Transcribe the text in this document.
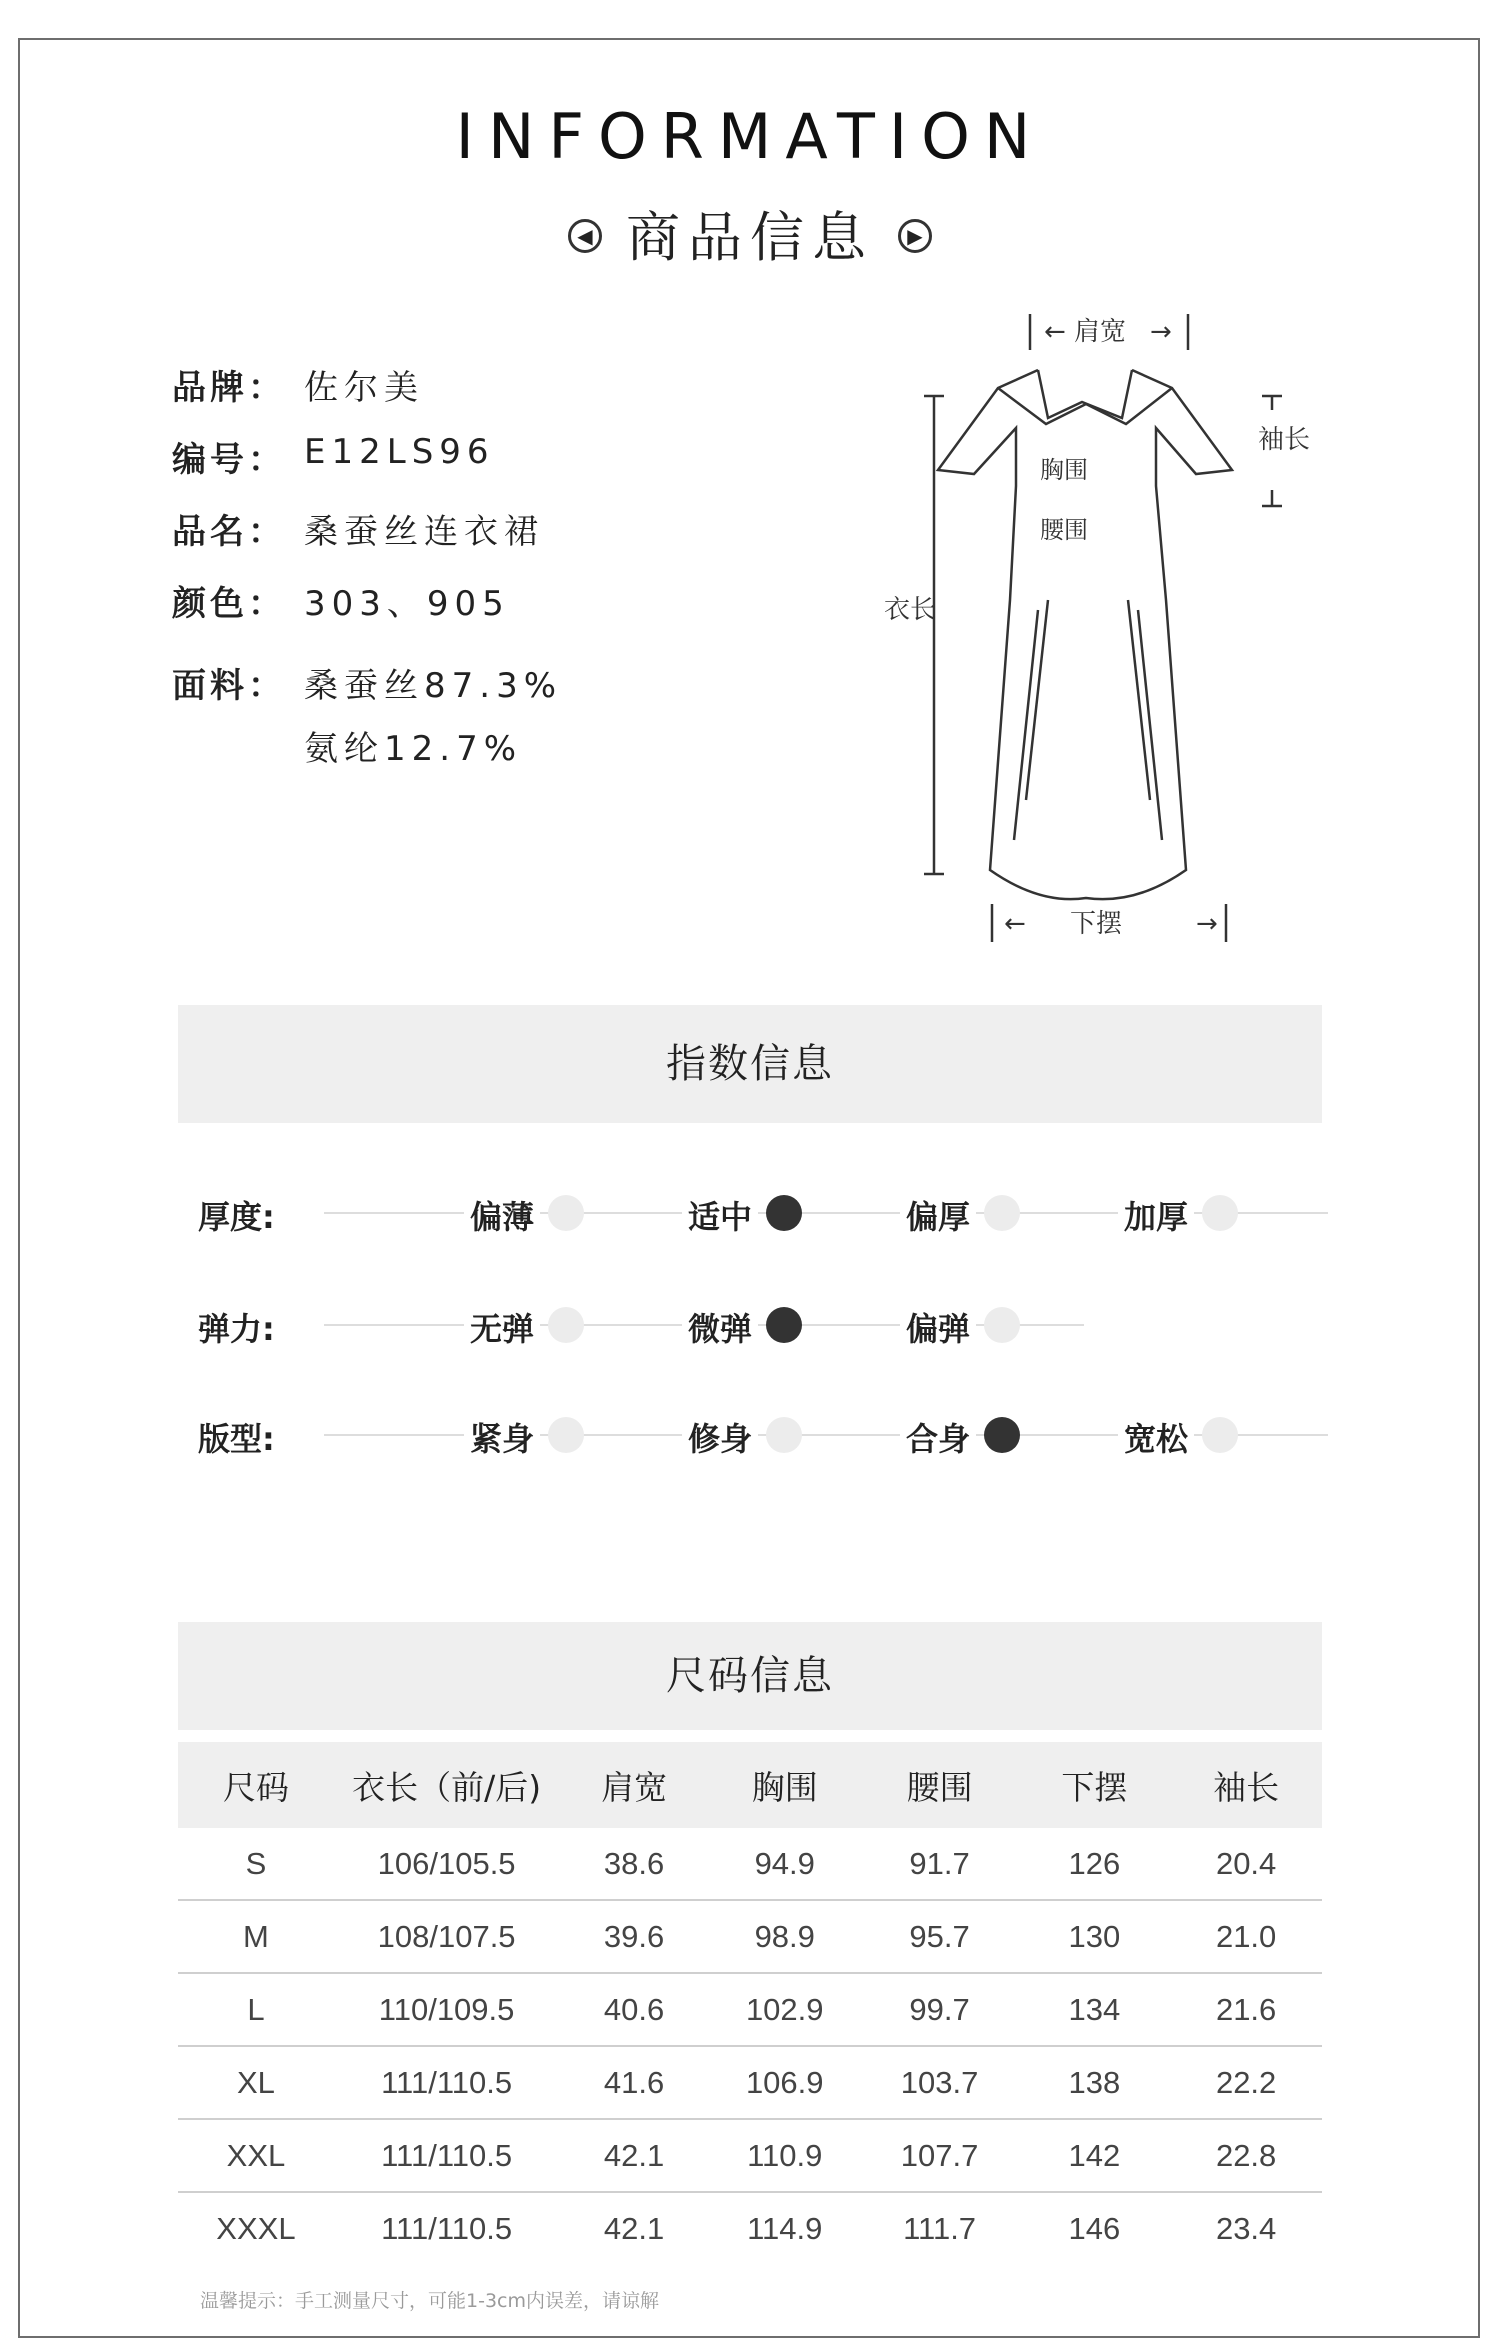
INFORMATION
◀ 商品信息	▶
品牌： 佐尔美
编号： E12LS96
品名： 桑蚕丝连衣裙
颜色： 303、905
面料： 桑蚕丝87.3%
氨纶12.7%
←	→
肩宽
袖长
胸围
腰围
衣长
下摆
←	→
指数信息
厚度:	偏薄	适中	偏厚	加厚
弹力:	无弹	微弹	偏弹
版型:	紧身	修身	合身	宽松
尺码信息
尺码	衣长（前/后)	肩宽	胸围	腰围	下摆	袖长
S	106/105.5	38.6	94.9	91.7	126	20.4
M	108/107.5	39.6	98.9	95.7	130	21.0
L	110/109.5	40.6	102.9	99.7	134	21.6
XL	111/110.5	41.6	106.9	103.7	138	22.2
XXL	111/110.5	42.1	110.9	107.7	142	22.8
XXXL	111/110.5	42.1	114.9	111.7	146	23.4
温馨提示：手工测量尺寸，可能1-3cm内误差，请谅解
